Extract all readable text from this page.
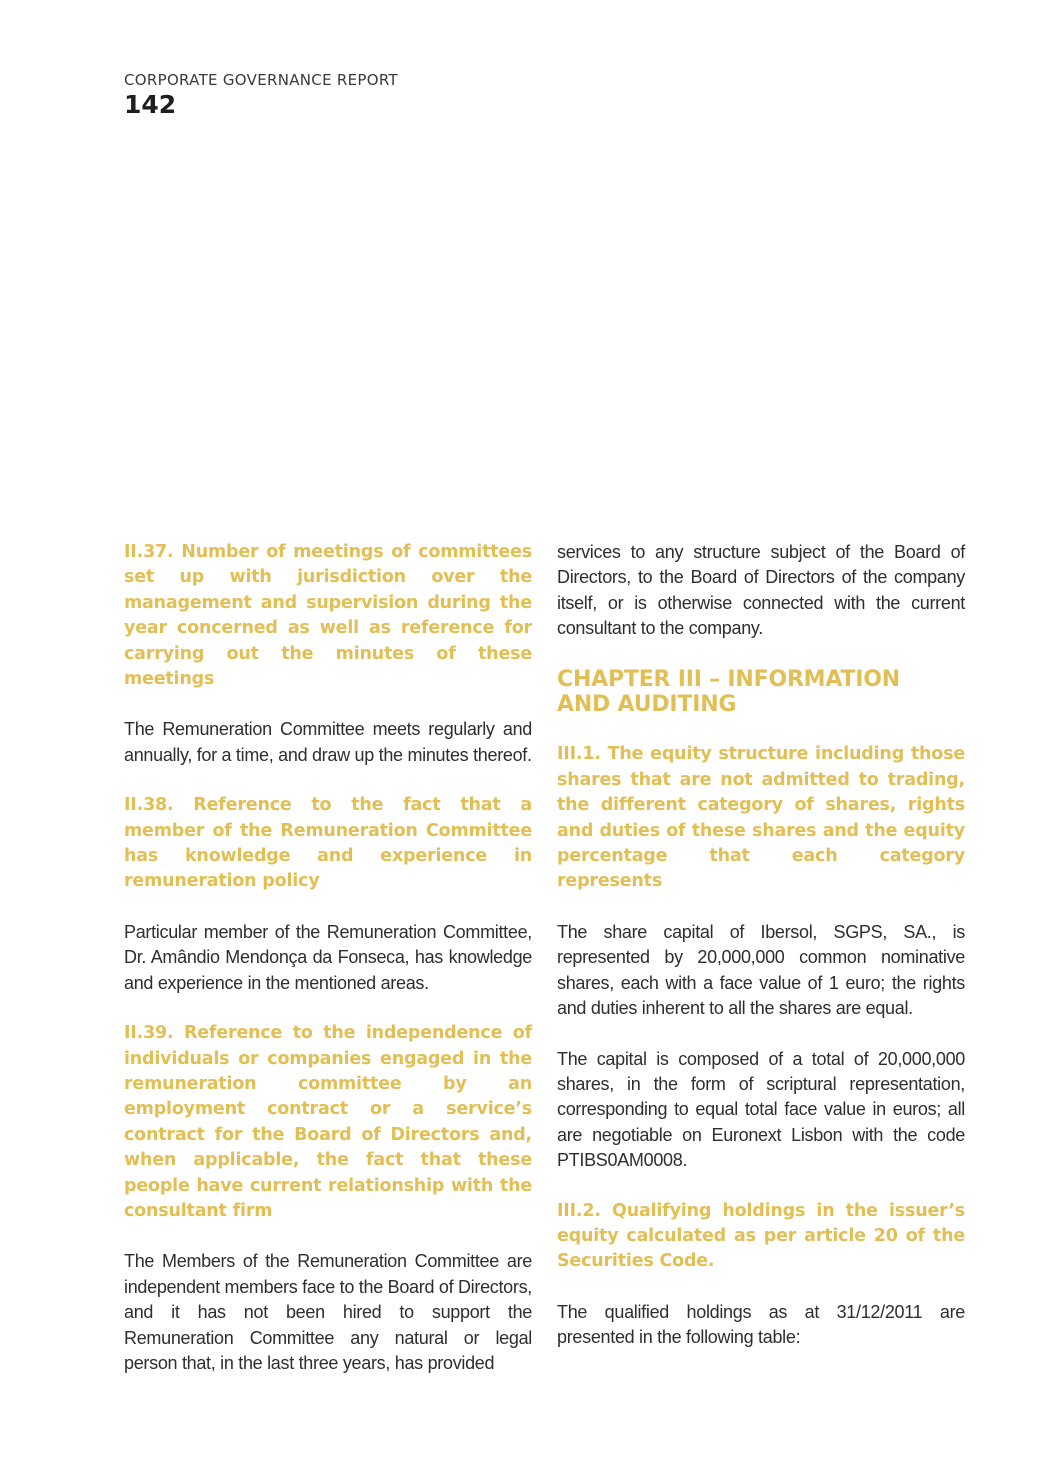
CORPORATE GOVERNANCE REPORT
142

II.37. Number of meetings of committees set up with jurisdiction over the management and supervision during the year concerned as well as reference for carrying out the minutes of these meetings

The Remuneration Committee meets regularly and annually, for a time, and draw up the minutes thereof.

II.38. Reference to the fact that a member of the Remuneration Committee has knowledge and experience in remuneration policy

Particular member of the Remuneration Committee, Dr. Amândio Mendonça da Fonseca, has knowledge and experience in the mentioned areas.

II.39. Reference to the independence of individuals or companies engaged in the remuneration committee by an employment contract or a service’s contract for the Board of Directors and, when applicable, the fact that these people have current relationship with the consultant firm

The Members of the Remuneration Committee are independent members face to the Board of Directors, and it has not been hired to support the Remuneration Committee any natural or legal person that, in the last three years, has provided

services to any structure subject of the Board of Directors, to the Board of Directors of the company itself, or is otherwise connected with the current consultant to the company.

CHAPTER III – INFORMATION
AND AUDITING

III.1. The equity structure including those shares that are not admitted to trading, the different category of shares, rights and duties of these shares and the equity percentage that each category represents

The share capital of Ibersol, SGPS, SA., is represented by 20,000,000 common nominative shares, each with a face value of 1 euro; the rights and duties inherent to all the shares are equal.

The capital is composed of a total of 20,000,000 shares, in the form of scriptural representation, corresponding to equal total face value in euros; all are negotiable on Euronext Lisbon with the code PTIBS0AM0008.

III.2. Qualifying holdings in the issuer’s equity calculated as per article 20 of the Securities Code.

The qualified holdings as at 31/12/2011 are presented in the following table:
